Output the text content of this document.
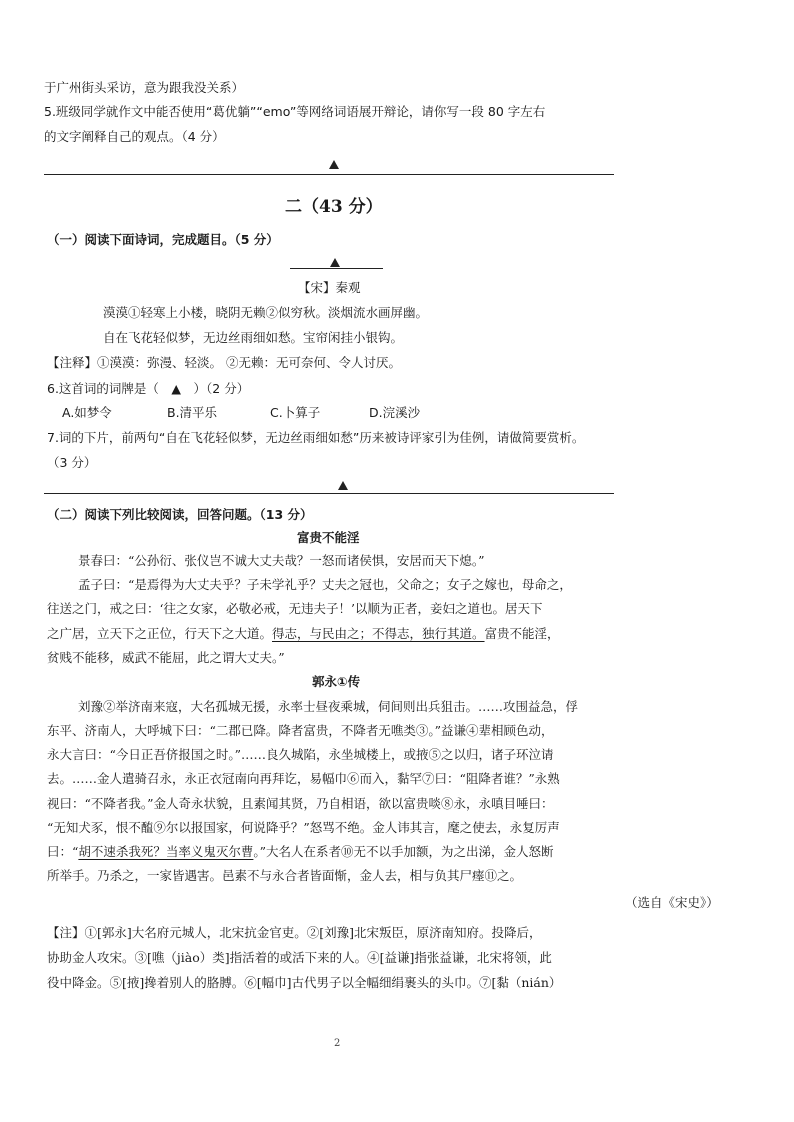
于广州街头采访，意为跟我没关系）
5.班级同学就作文中能否使用“葛优躺”“emo”等网络词语展开辩论，请你写一段 80 字左右
的文字阐释自己的观点。（4 分）
二（43 分）
（一）阅读下面诗词，完成题目。（5 分）
【宋】秦观
漠漠①轻寒上小楼，晓阴无赖②似穷秋。淡烟流水画屏幽。
自在飞花轻似梦，无边丝雨细如愁。宝帘闲挂小银钩。
【注释】①漠漠：弥漫、轻淡。 ②无赖：无可奈何、令人讨厌。
6.这首词的词牌是（　▲　）（2 分）
A.如梦令	B.清平乐	C.卜算子	D.浣溪沙
7.词的下片，前两句“自在飞花轻似梦，无边丝雨细如愁”历来被诗评家引为佳例，请做简要赏析。
（3 分）
（二）阅读下列比较阅读，回答问题。（13 分）
富贵不能淫
景春曰：“公孙衍、张仪岂不诚大丈夫哉？一怒而诸侯惧，安居而天下熄。”
孟子曰：“是焉得为大丈夫乎？子未学礼乎？丈夫之冠也，父命之；女子之嫁也，母命之，
往送之门，戒之曰：‘往之女家，必敬必戒，无违夫子！’以顺为正者，妾妇之道也。居天下
之广居，立天下之正位，行天下之大道。得志，与民由之；不得志，独行其道。富贵不能淫，
贫贱不能移，威武不能屈，此之谓大丈夫。”
郭永①传
刘豫②举济南来寇，大名孤城无援，永率士昼夜乘城，伺间则出兵狙击。……攻围益急，俘
东平、济南人，大呼城下曰：“二郡已降。降者富贵，不降者无噍类③。”益谦④辈相顾色动，
永大言曰：“今日正吾侪报国之时。”……良久城陷，永坐城楼上，或掖⑤之以归，诸子环泣请
去。……金人遣骑召永，永正衣冠南向再拜讫，易幅巾⑥而入，黏罕⑦曰：“阻降者谁？”永熟
视曰：“不降者我。”金人奇永状貌，且素闻其贤，乃自相语，欲以富贵啖⑧永，永嗔目唾曰：
“无知犬豕，恨不醢⑨尔以报国家，何说降乎？”怒骂不绝。金人讳其言，麾之使去，永复厉声
曰：“胡不速杀我死？当率义鬼灭尔曹。”大名人在系者⑩无不以手加额，为之出涕，金人怒断
所举手。乃杀之，一家皆遇害。邑素不与永合者皆面惭，金人去，相与负其尸瘗⑪之。
（选自《宋史》）
【注】①[郭永]大名府元城人，北宋抗金官吏。②[刘豫]北宋叛臣，原济南知府。投降后，
协助金人攻宋。③[噍（jiào）类]指活着的或活下来的人。④[益谦]指张益谦，北宋将领，此
役中降金。⑤[掖]搀着别人的胳膊。⑥[幅巾]古代男子以全幅细绢裹头的头巾。⑦[黏（nián）
2
